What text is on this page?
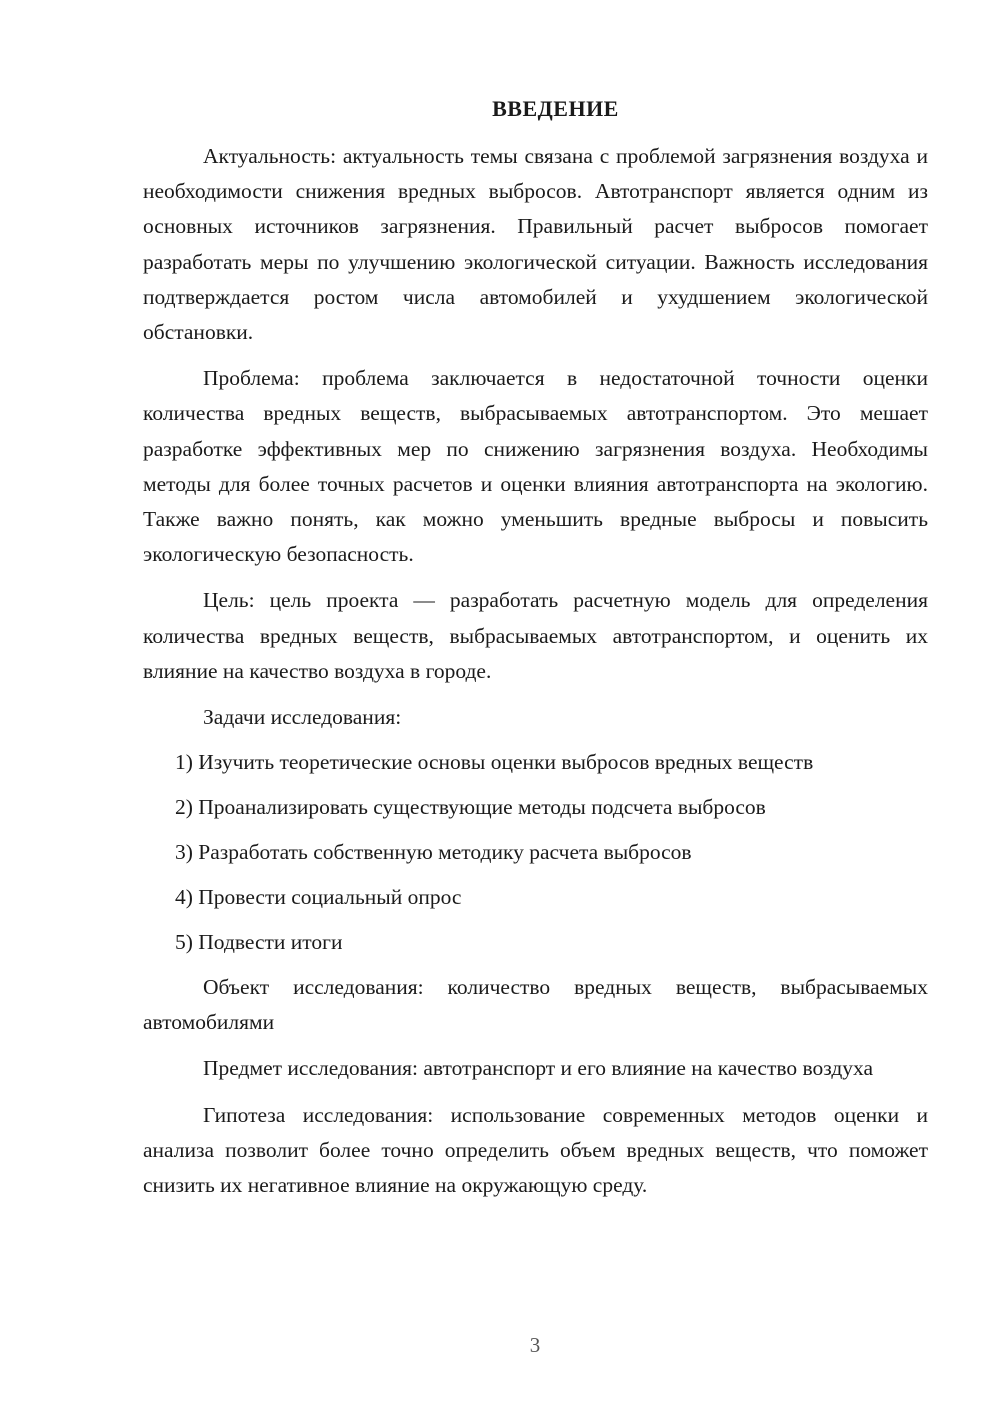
ВВЕДЕНИЕ

Актуальность: актуальность темы связана с проблемой загрязнения воздуха и необходимости снижения вредных выбросов. Автотранспорт является одним из основных источников загрязнения. Правильный расчет выбросов помогает разработать меры по улучшению экологической ситуации. Важность исследования подтверждается ростом числа автомобилей и ухудшением экологической обстановки.

Проблема: проблема заключается в недостаточной точности оценки количества вредных веществ, выбрасываемых автотранспортом. Это мешает разработке эффективных мер по снижению загрязнения воздуха. Необходимы методы для более точных расчетов и оценки влияния автотранспорта на экологию. Также важно понять, как можно уменьшить вредные выбросы и повысить экологическую безопасность.

Цель: цель проекта — разработать расчетную модель для определения количества вредных веществ, выбрасываемых автотранспортом, и оценить их влияние на качество воздуха в городе.

Задачи исследования:

1) Изучить теоретические основы оценки выбросов вредных веществ
2) Проанализировать существующие методы подсчета выбросов
3) Разработать собственную методику расчета выбросов
4) Провести социальный опрос
5) Подвести итоги

Объект исследования: количество вредных веществ, выбрасываемых автомобилями

Предмет исследования: автотранспорт и его влияние на качество воздуха

Гипотеза исследования: использование современных методов оценки и анализа позволит более точно определить объем вредных веществ, что поможет снизить их негативное влияние на окружающую среду.

3
